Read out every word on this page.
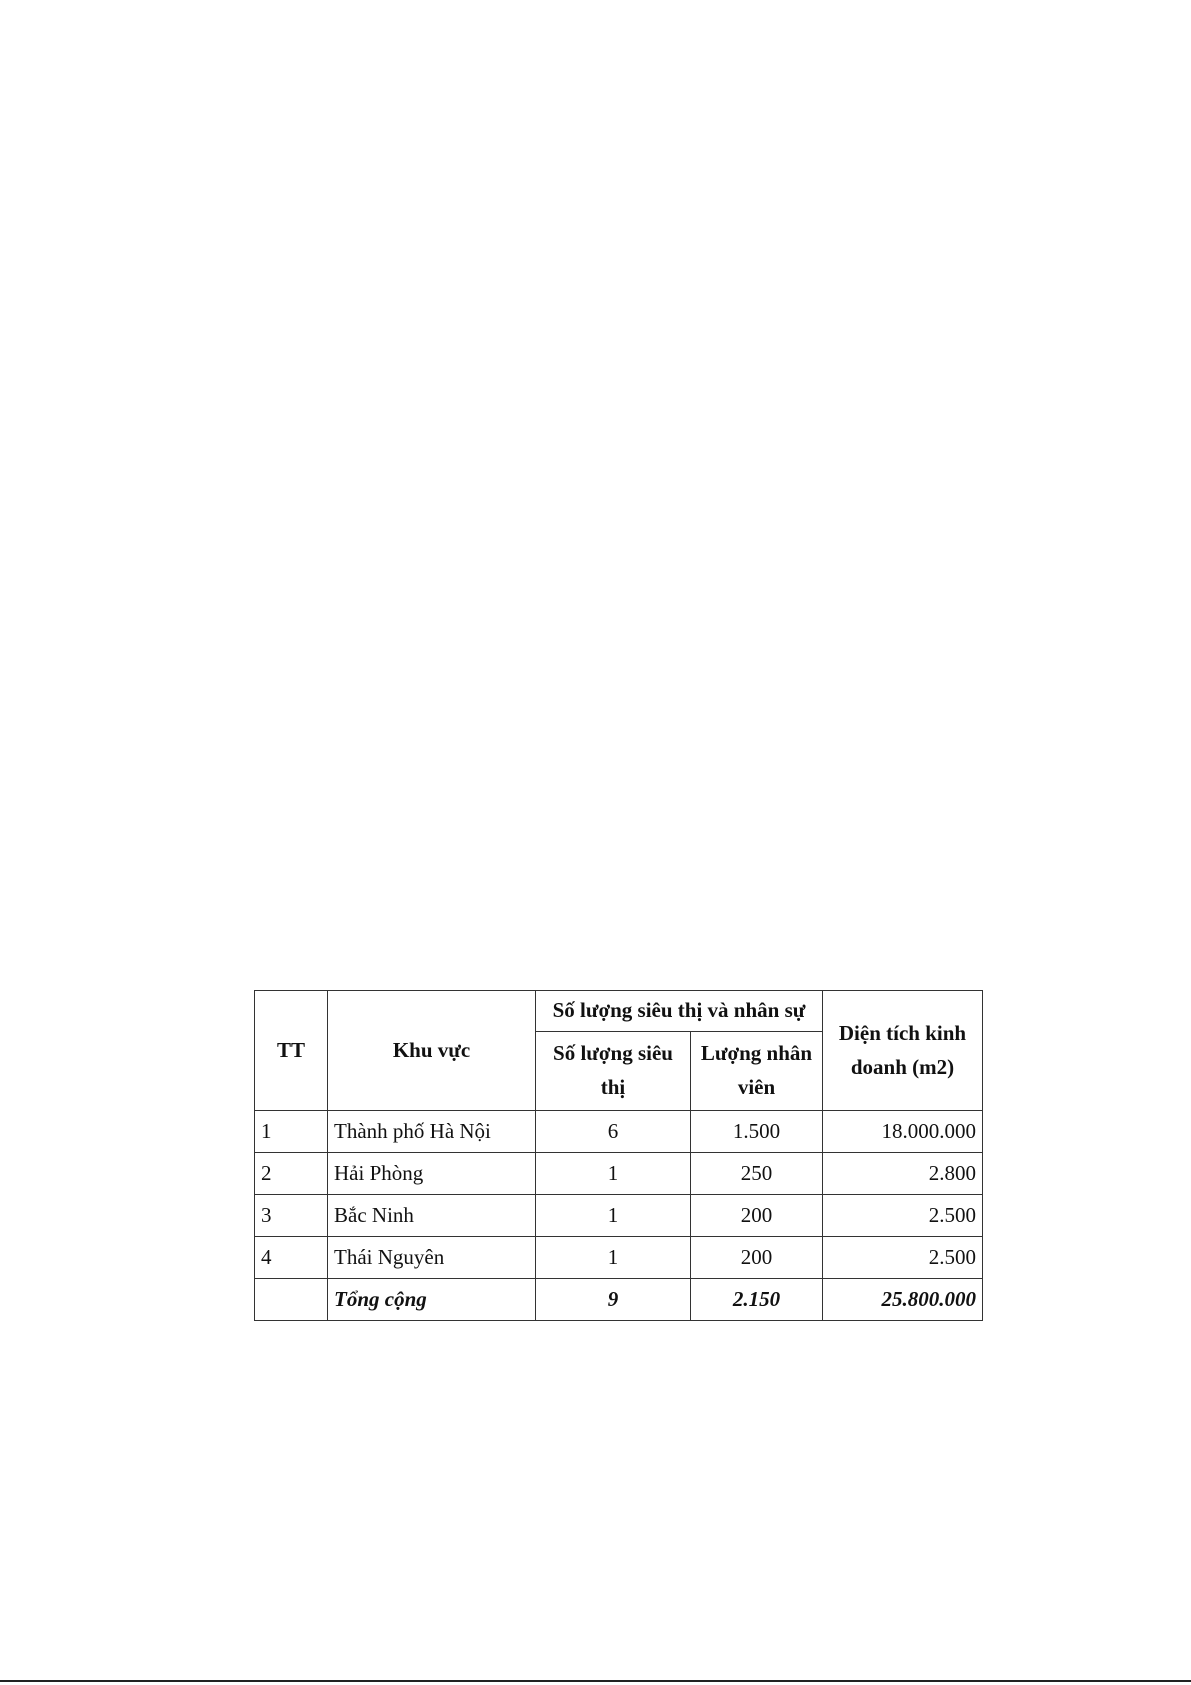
TT	Khu vực	Số lượng siêu thị và nhân sự		Diện tích kinh doanh (m2)
		Số lượng siêu thị	Lượng nhân viên	
1	Thành phố Hà Nội	6	1.500	18.000.000
2	Hải Phòng	1	250	2.800
3	Bắc Ninh	1	200	2.500
4	Thái Nguyên	1	200	2.500
	Tổng cộng	9	2.150	25.800.000
